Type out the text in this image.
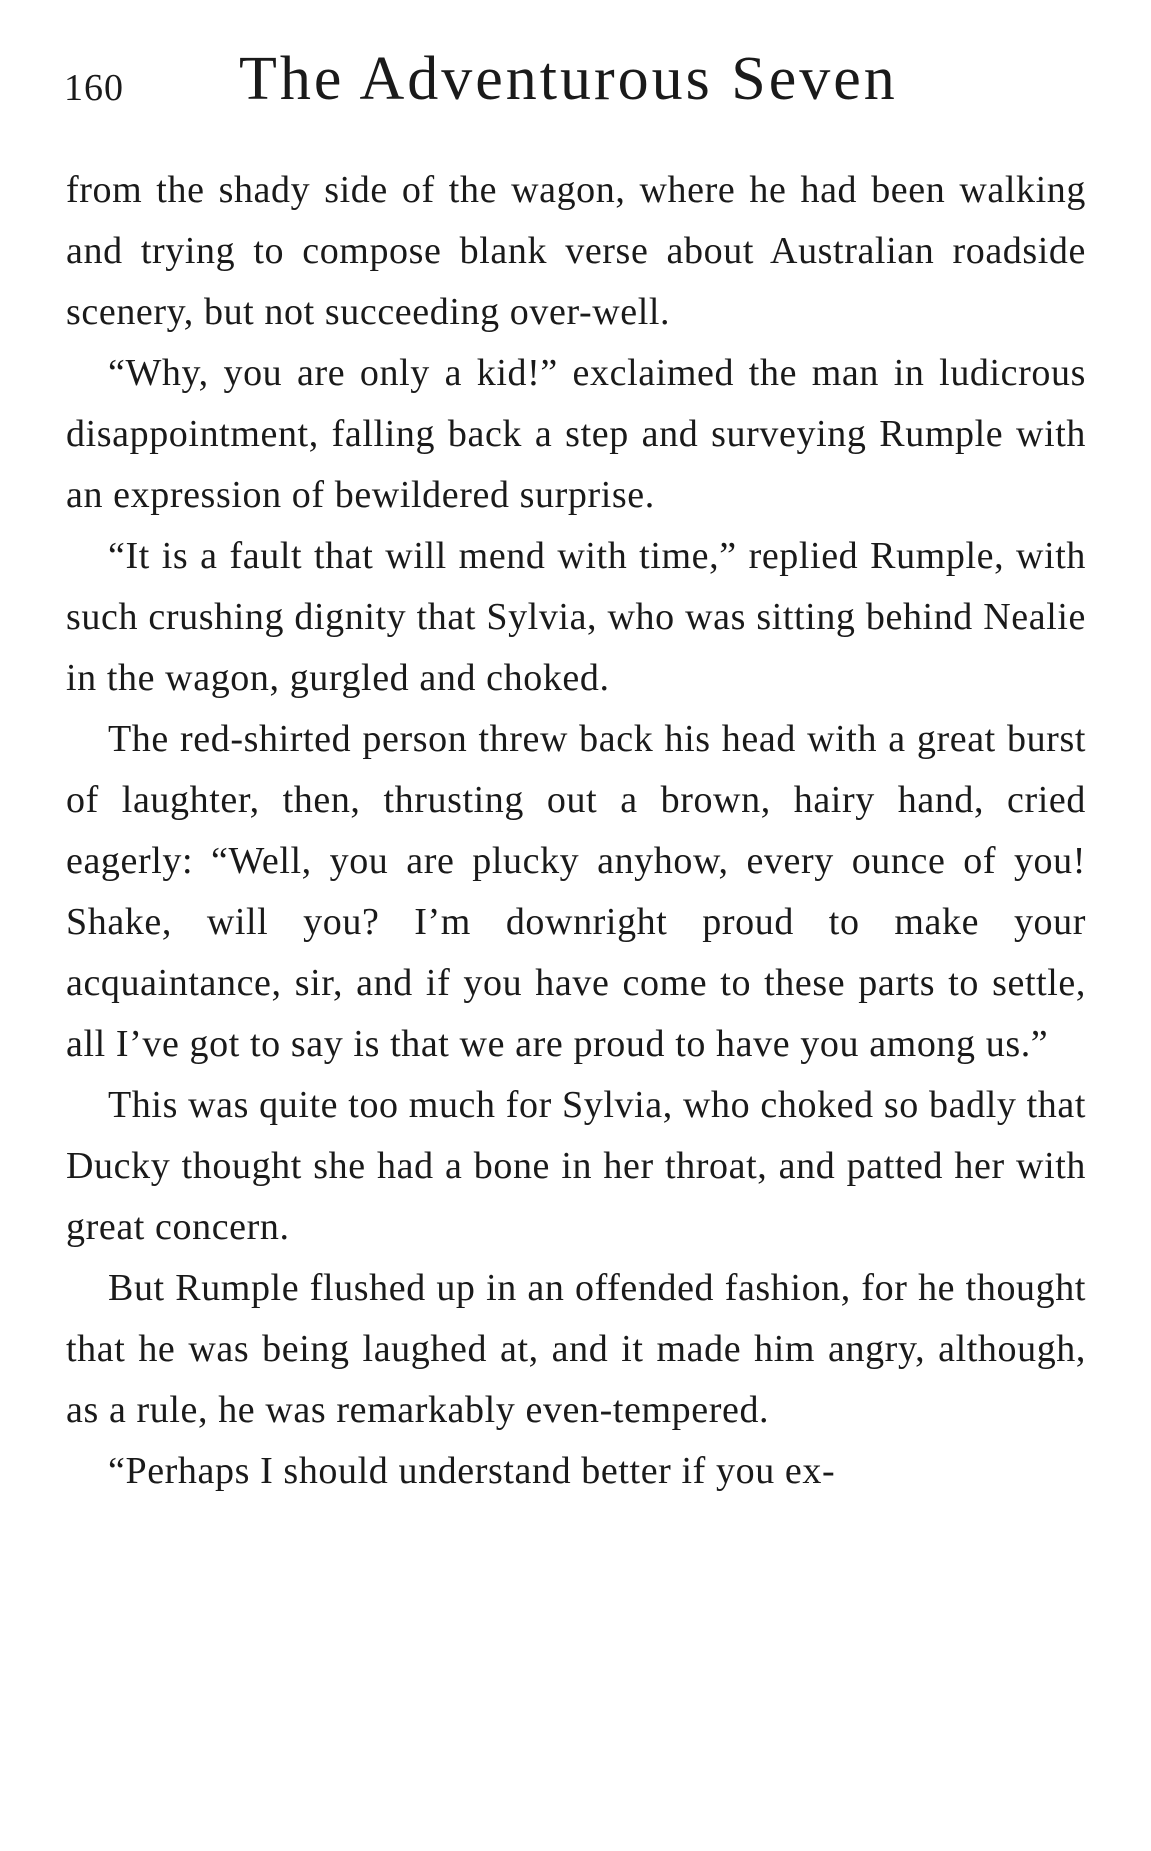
160 The Adventurous Seven

from the shady side of the wagon, where he had been walking and trying to compose blank verse about Australian roadside scenery, but not succeeding over-well.

“Why, you are only a kid!” exclaimed the man in ludicrous disappointment, falling back a step and surveying Rumple with an expression of bewildered surprise.

“It is a fault that will mend with time,” replied Rumple, with such crushing dignity that Sylvia, who was sitting behind Nealie in the wagon, gurgled and choked.

The red-shirted person threw back his head with a great burst of laughter, then, thrusting out a brown, hairy hand, cried eagerly: “Well, you are plucky anyhow, every ounce of you! Shake, will you? I’m downright proud to make your acquaintance, sir, and if you have come to these parts to settle, all I’ve got to say is that we are proud to have you among us.”

This was quite too much for Sylvia, who choked so badly that Ducky thought she had a bone in her throat, and patted her with great concern.

But Rumple flushed up in an offended fashion, for he thought that he was being laughed at, and it made him angry, although, as a rule, he was remarkably even-tempered.

“Perhaps I should understand better if you ex-
